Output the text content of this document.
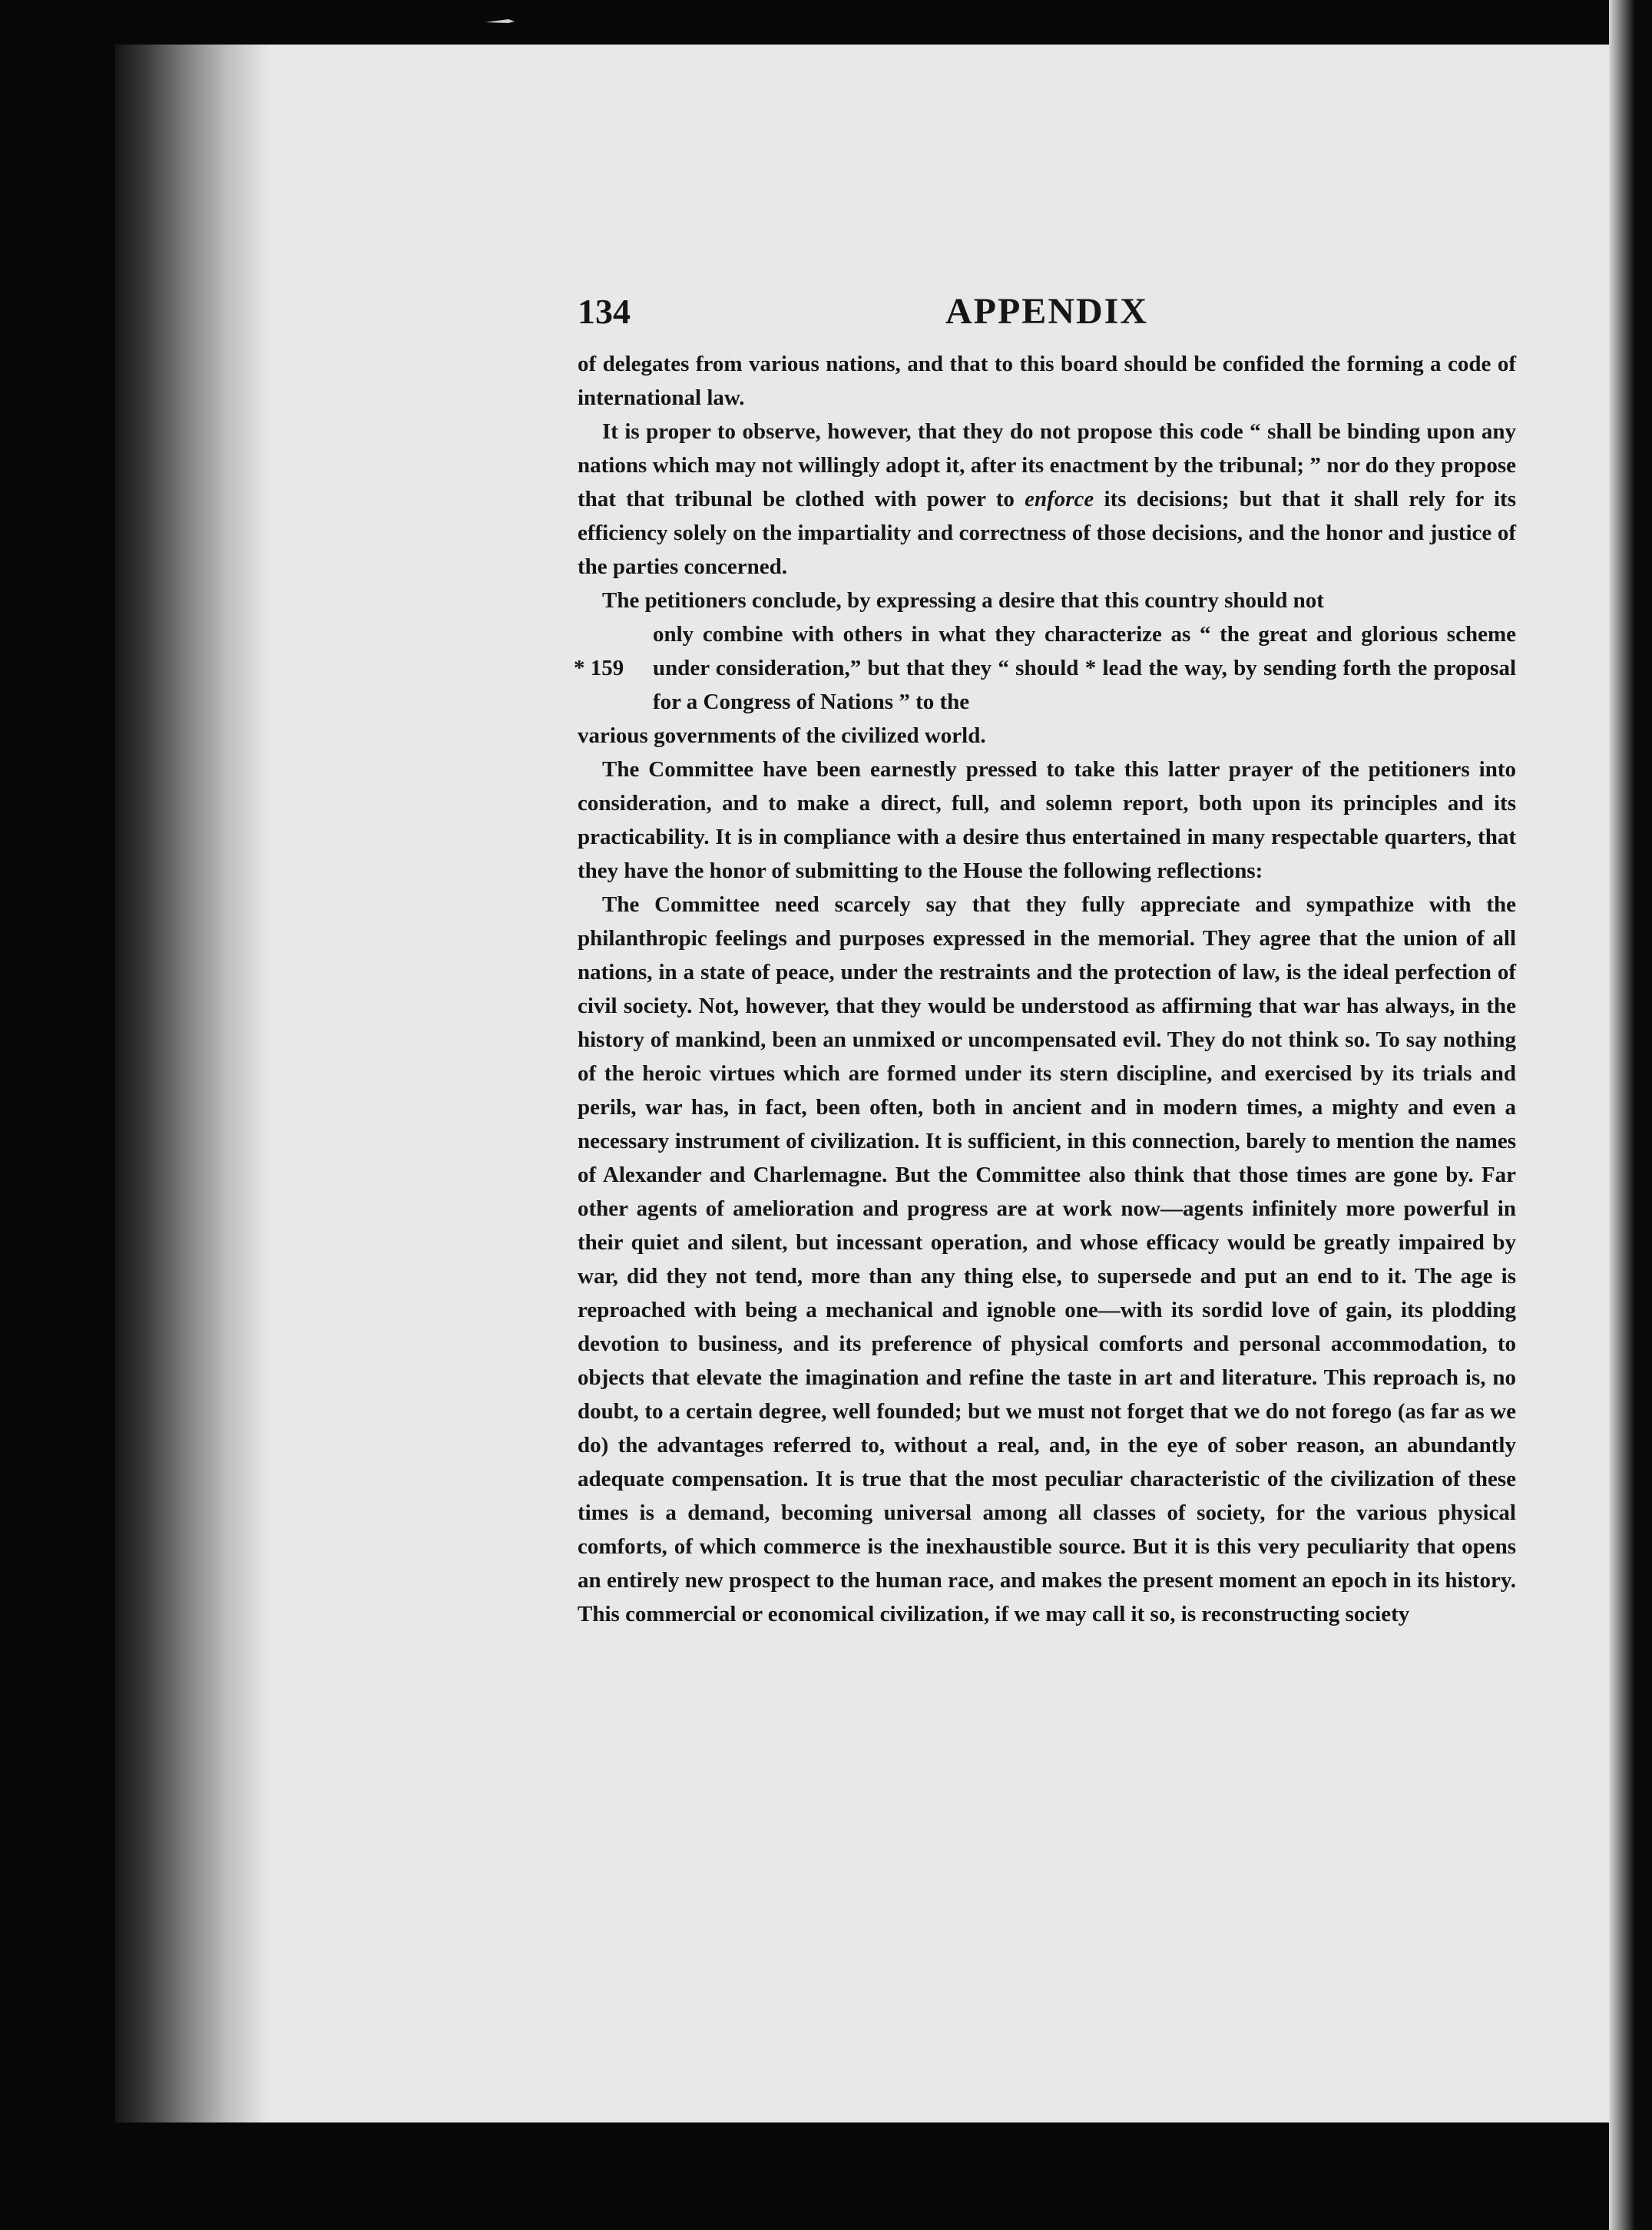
134	APPENDIX

of delegates from various nations, and that to this board should be confided the forming a code of international law.

It is proper to observe, however, that they do not propose this code “ shall be binding upon any nations which may not willingly adopt it, after its enactment by the tribunal; ” nor do they propose that that tribunal be clothed with power to enforce its decisions; but that it shall rely for its efficiency solely on the impartiality and correctness of those decisions, and the honor and justice of the parties concerned.

The petitioners conclude, by expressing a desire that this country should not

* 159

only combine with others in what they characterize as “ the great and glorious scheme under consideration,” but that they “ should * lead the way, by sending forth the proposal for a Congress of Nations ” to the

various governments of the civilized world.

The Committee have been earnestly pressed to take this latter prayer of the petitioners into consideration, and to make a direct, full, and solemn report, both upon its principles and its practicability. It is in compliance with a desire thus entertained in many respectable quarters, that they have the honor of submitting to the House the following reflections:

The Committee need scarcely say that they fully appreciate and sympathize with the philanthropic feelings and purposes expressed in the memorial. They agree that the union of all nations, in a state of peace, under the restraints and the protection of law, is the ideal perfection of civil society. Not, however, that they would be understood as affirming that war has always, in the history of mankind, been an unmixed or uncompensated evil. They do not think so. To say nothing of the heroic virtues which are formed under its stern discipline, and exercised by its trials and perils, war has, in fact, been often, both in ancient and in modern times, a mighty and even a necessary instrument of civilization. It is sufficient, in this connection, barely to mention the names of Alexander and Charlemagne. But the Committee also think that those times are gone by. Far other agents of amelioration and progress are at work now—agents infinitely more powerful in their quiet and silent, but incessant operation, and whose efficacy would be greatly impaired by war, did they not tend, more than any thing else, to supersede and put an end to it. The age is reproached with being a mechanical and ignoble one—with its sordid love of gain, its plodding devotion to business, and its preference of physical comforts and personal accommodation, to objects that elevate the imagination and refine the taste in art and literature. This reproach is, no doubt, to a certain degree, well founded; but we must not forget that we do not forego (as far as we do) the advantages referred to, without a real, and, in the eye of sober reason, an abundantly adequate compensation. It is true that the most peculiar characteristic of the civilization of these times is a demand, becoming universal among all classes of society, for the various physical comforts, of which commerce is the inexhaustible source. But it is this very peculiarity that opens an entirely new prospect to the human race, and makes the present moment an epoch in its history. This commercial or economical civilization, if we may call it so, is reconstructing society
